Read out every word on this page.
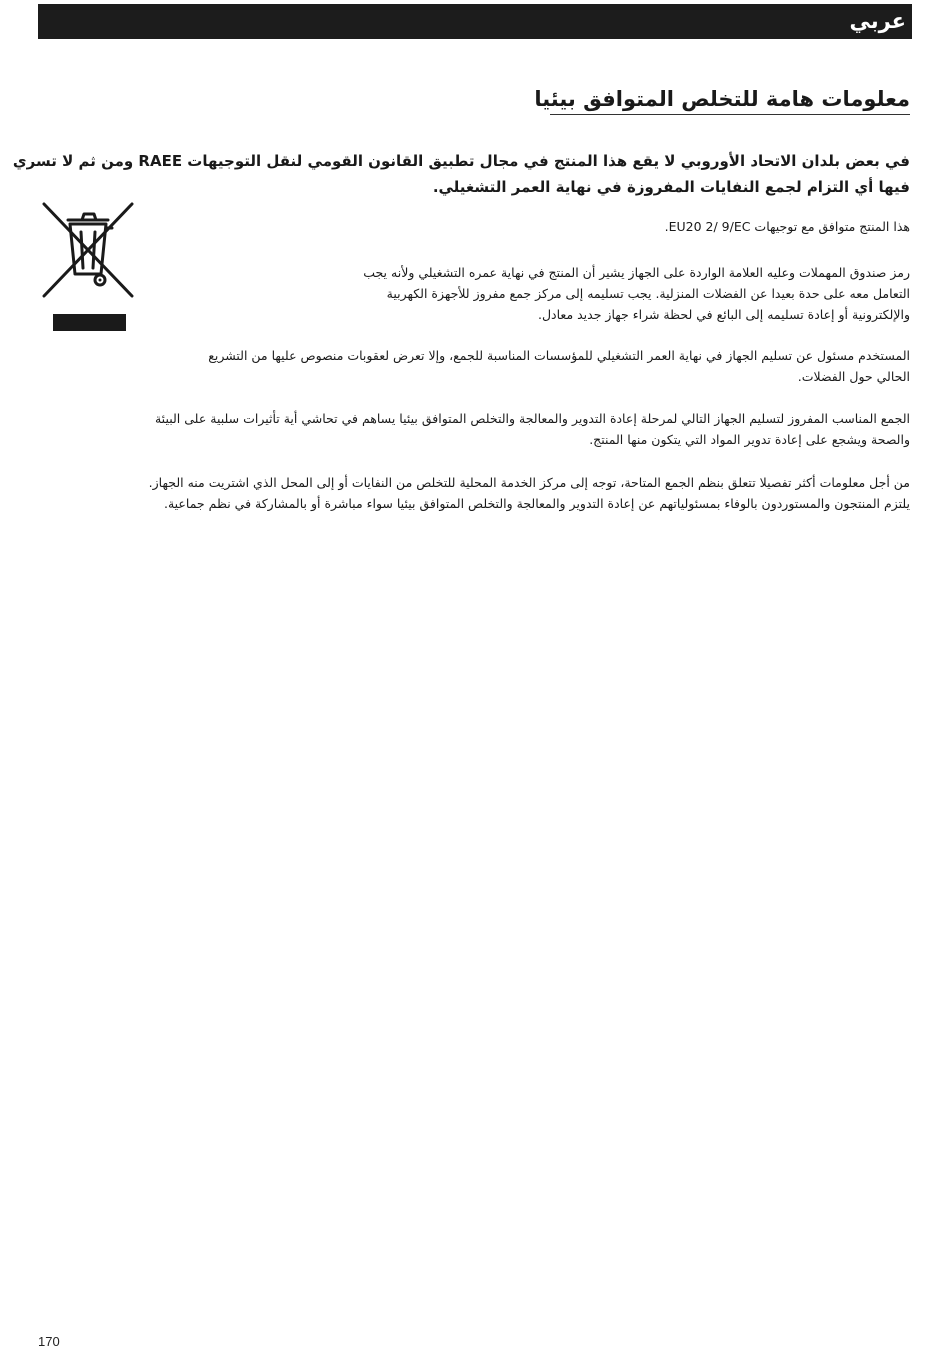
عربي
معلومات هامة للتخلص المتوافق بيئيا
في بعض بلدان الاتحاد الأوروبي لا يقع هذا المنتج في مجال تطبيق القانون القومي لنقل التوجيهات RAEE ومن ثم لا تسري
فيها أي التزام لجمع النفايات المفروزة في نهاية العمر التشغيلي.
هذا المنتج متوافق مع توجيهات EU20 2/ 9/EC.
رمز صندوق المهملات وعليه العلامة الواردة على الجهاز يشير أن المنتج في نهاية عمره التشغيلي ولأنه يجب
التعامل معه على حدة بعيدا عن الفضلات المنزلية. يجب تسليمه إلى مركز جمع مفروز للأجهزة الكهربية
والإلكترونية أو إعادة تسليمه إلى البائع في لحظة شراء جهاز جديد معادل.
المستخدم مسئول عن تسليم الجهاز في نهاية العمر التشغيلي للمؤسسات المناسبة للجمع، وإلا تعرض لعقوبات منصوص عليها من التشريع
الحالي حول الفضلات.
الجمع المناسب المفروز لتسليم الجهاز التالي لمرحلة إعادة التدوير والمعالجة والتخلص المتوافق بيئيا يساهم في تحاشي أية تأثيرات سلبية على البيئة
والصحة ويشجع على إعادة تدوير المواد التي يتكون منها المنتج.
من أجل معلومات أكثر تفصيلا تتعلق بنظم الجمع المتاحة، توجه إلى مركز الخدمة المحلية للتخلص من النفايات أو إلى المحل الذي اشتريت منه الجهاز.
يلتزم المنتجون والمستوردون بالوفاء بمسئولياتهم عن إعادة التدوير والمعالجة والتخلص المتوافق بيئيا سواء مباشرة أو بالمشاركة في نظم جماعية.
170
